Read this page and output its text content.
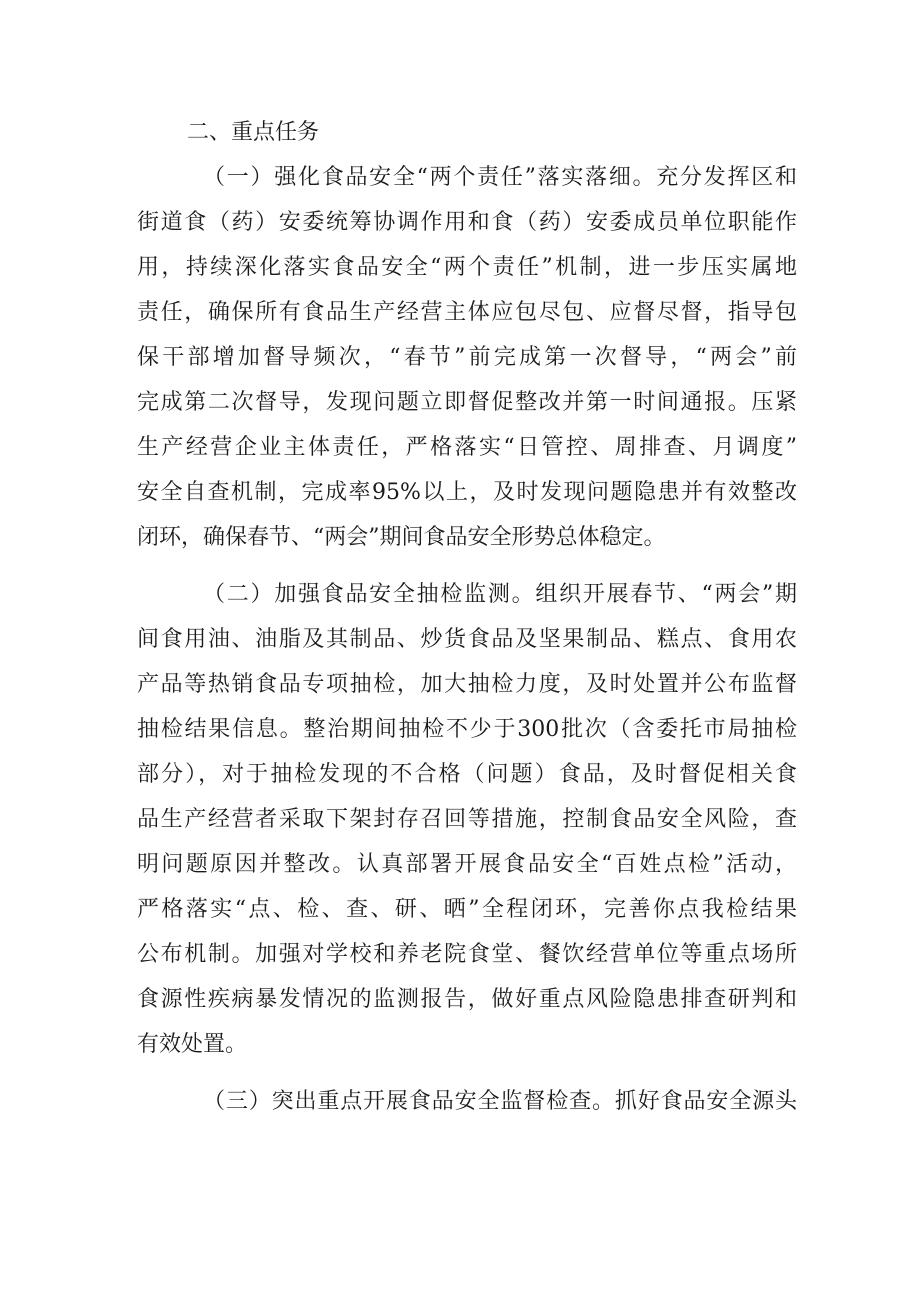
二、重点任务
（一）强化食品安全“两个责任”落实落细。充分发挥区和
街道食（药）安委统筹协调作用和食（药）安委成员单位职能作
用，持续深化落实食品安全“两个责任”机制，进一步压实属地
责任，确保所有食品生产经营主体应包尽包、应督尽督，指导包
保干部增加督导频次，“春节”前完成第一次督导，“两会”前
完成第二次督导，发现问题立即督促整改并第一时间通报。压紧
生产经营企业主体责任，严格落实“日管控、周排查、月调度”
安全自查机制，完成率95%以上，及时发现问题隐患并有效整改
闭环，确保春节、“两会”期间食品安全形势总体稳定。
（二）加强食品安全抽检监测。组织开展春节、“两会”期
间食用油、油脂及其制品、炒货食品及坚果制品、糕点、食用农
产品等热销食品专项抽检，加大抽检力度，及时处置并公布监督
抽检结果信息。整治期间抽检不少于300批次（含委托市局抽检
部分），对于抽检发现的不合格（问题）食品，及时督促相关食
品生产经营者采取下架封存召回等措施，控制食品安全风险，查
明问题原因并整改。认真部署开展食品安全“百姓点检”活动，
严格落实“点、检、查、研、晒”全程闭环，完善你点我检结果
公布机制。加强对学校和养老院食堂、餐饮经营单位等重点场所
食源性疾病暴发情况的监测报告，做好重点风险隐患排查研判和
有效处置。
（三）突出重点开展食品安全监督检查。抓好食品安全源头
